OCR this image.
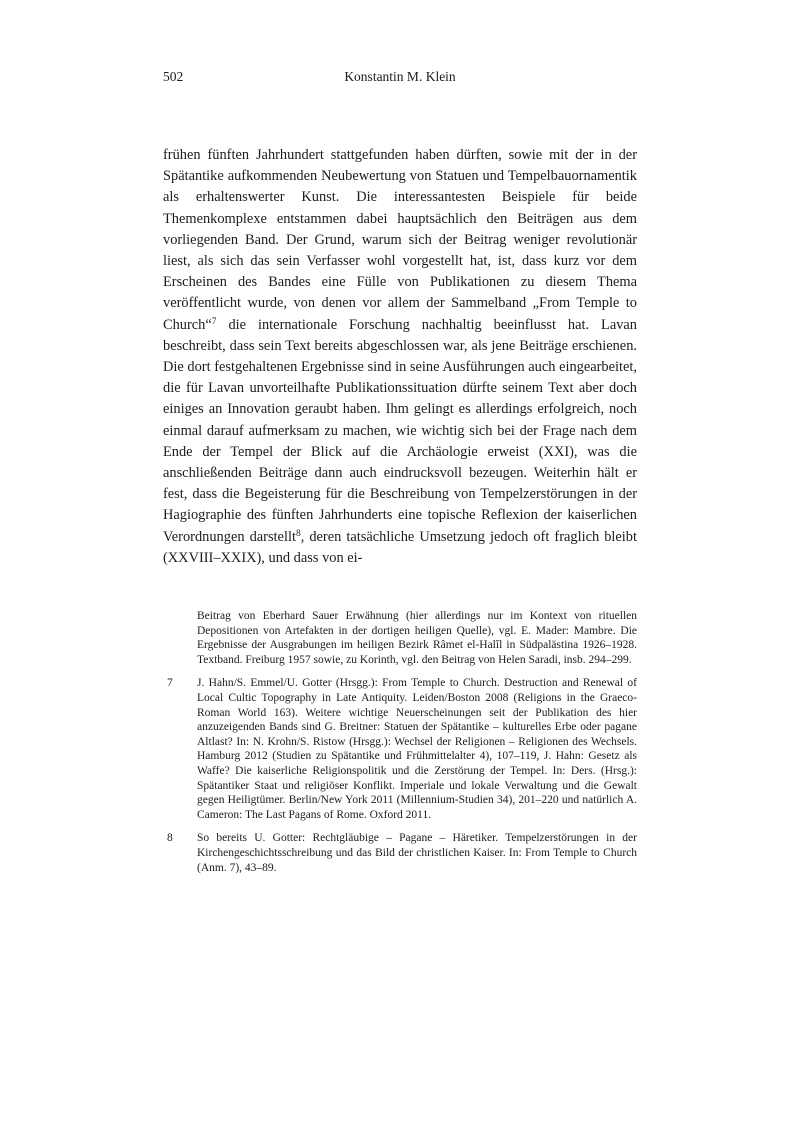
502	Konstantin M. Klein

frühen fünften Jahrhundert stattgefunden haben dürften, sowie mit der in der Spätantike aufkommenden Neubewertung von Statuen und Tempelbauornamentik als erhaltenswerter Kunst. Die interessantesten Beispiele für beide Themenkomplexe entstammen dabei hauptsächlich den Beiträgen aus dem vorliegenden Band. Der Grund, warum sich der Beitrag weniger revolutionär liest, als sich das sein Verfasser wohl vorgestellt hat, ist, dass kurz vor dem Erscheinen des Bandes eine Fülle von Publikationen zu diesem Thema veröffentlicht wurde, von denen vor allem der Sammelband „From Temple to Church“$^7$ die internationale Forschung nachhaltig beeinflusst hat. Lavan beschreibt, dass sein Text bereits abgeschlossen war, als jene Beiträge erschienen. Die dort festgehaltenen Ergebnisse sind in seine Ausführungen auch eingearbeitet, die für Lavan unvorteilhafte Publikationssituation dürfte seinem Text aber doch einiges an Innovation geraubt haben. Ihm gelingt es allerdings erfolgreich, noch einmal darauf aufmerksam zu machen, wie wichtig sich bei der Frage nach dem Ende der Tempel der Blick auf die Archäologie erweist (XXI), was die anschließenden Beiträge dann auch eindrucksvoll bezeugen. Weiterhin hält er fest, dass die Begeisterung für die Beschreibung von Tempelzerstörungen in der Hagiographie des fünften Jahrhunderts eine topische Reflexion der kaiserlichen Verordnungen darstellt$^8$, deren tatsächliche Umsetzung jedoch oft fraglich bleibt (XXVIII–XXIX), und dass von ei-

Beitrag von Eberhard Sauer Erwähnung (hier allerdings nur im Kontext von rituellen Depositionen von Artefakten in der dortigen heiligen Quelle), vgl. E. Mader: Mambre. Die Ergebnisse der Ausgrabungen im heiligen Bezirk Râmet el-Halîl in Südpalästina 1926–1928. Textband. Freiburg 1957 sowie, zu Korinth, vgl. den Beitrag von Helen Saradi, insb. 294–299.
7 J. Hahn/S. Emmel/U. Gotter (Hrsgg.): From Temple to Church. Destruction and Renewal of Local Cultic Topography in Late Antiquity. Leiden/Boston 2008 (Religions in the Graeco-Roman World 163). Weitere wichtige Neuerscheinungen seit der Publikation des hier anzuzeigenden Bands sind G. Breitner: Statuen der Spätantike – kulturelles Erbe oder pagane Altlast? In: N. Krohn/S. Ristow (Hrsgg.): Wechsel der Religionen – Religionen des Wechsels. Hamburg 2012 (Studien zu Spätantike und Frühmittelalter 4), 107–119, J. Hahn: Gesetz als Waffe? Die kaiserliche Religionspolitik und die Zerstörung der Tempel. In: Ders. (Hrsg.): Spätantiker Staat und religiöser Konflikt. Imperiale und lokale Verwaltung und die Gewalt gegen Heiligtümer. Berlin/New York 2011 (Millennium-Studien 34), 201–220 und natürlich A. Cameron: The Last Pagans of Rome. Oxford 2011.
8 So bereits U. Gotter: Rechtgläubige – Pagane – Häretiker. Tempelzerstörungen in der Kirchengeschichtsschreibung und das Bild der christlichen Kaiser. In: From Temple to Church (Anm. 7), 43–89.
